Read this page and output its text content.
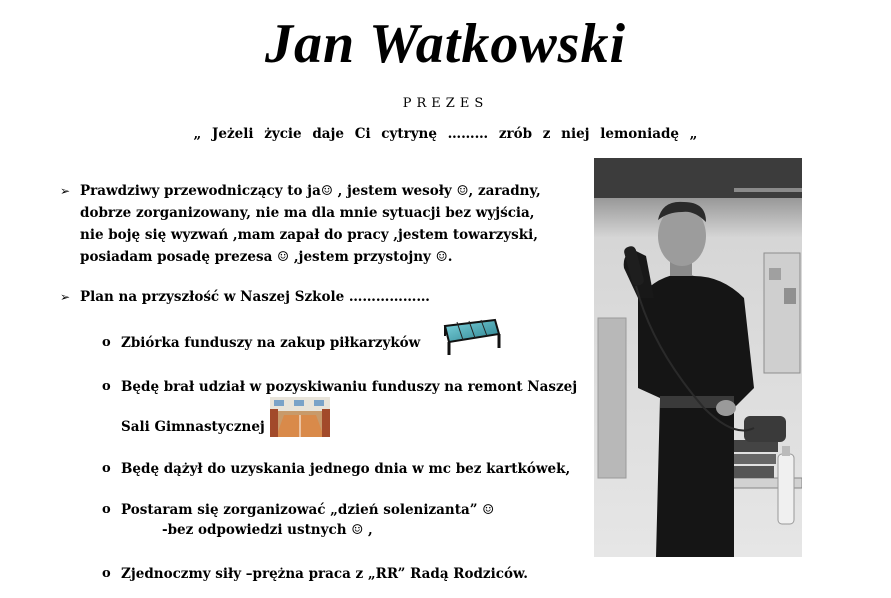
Jan Watkowski
PREZES
„ Jeżeli życie daje Ci cytrynę ……… zrób z niej lemoniadę „
➢ Prawdziwy przewodniczący to ja☺ , jestem wesoły ☺, zaradny,
dobrze zorganizowany, nie ma dla mnie sytuacji bez wyjścia,
nie boję się wyzwań ,mam zapał do pracy ,jestem towarzyski,
posiadam posadę prezesa ☺ ,jestem przystojny ☺.
➢ Plan na przyszłość w Naszej Szkole ………………
o Zbiórka funduszy na zakup piłkarzyków
o Będę brał udział w pozyskiwaniu funduszy na remont Naszej
Sali Gimnastycznej
o Będę dążył do uzyskania jednego dnia w mc bez kartkówek,
o Postaram się zorganizować „dzień solenizanta” ☺
-bez odpowiedzi ustnych ☺ ,
o Zjednoczmy siły –prężna praca z „RR” Radą Rodziców.
